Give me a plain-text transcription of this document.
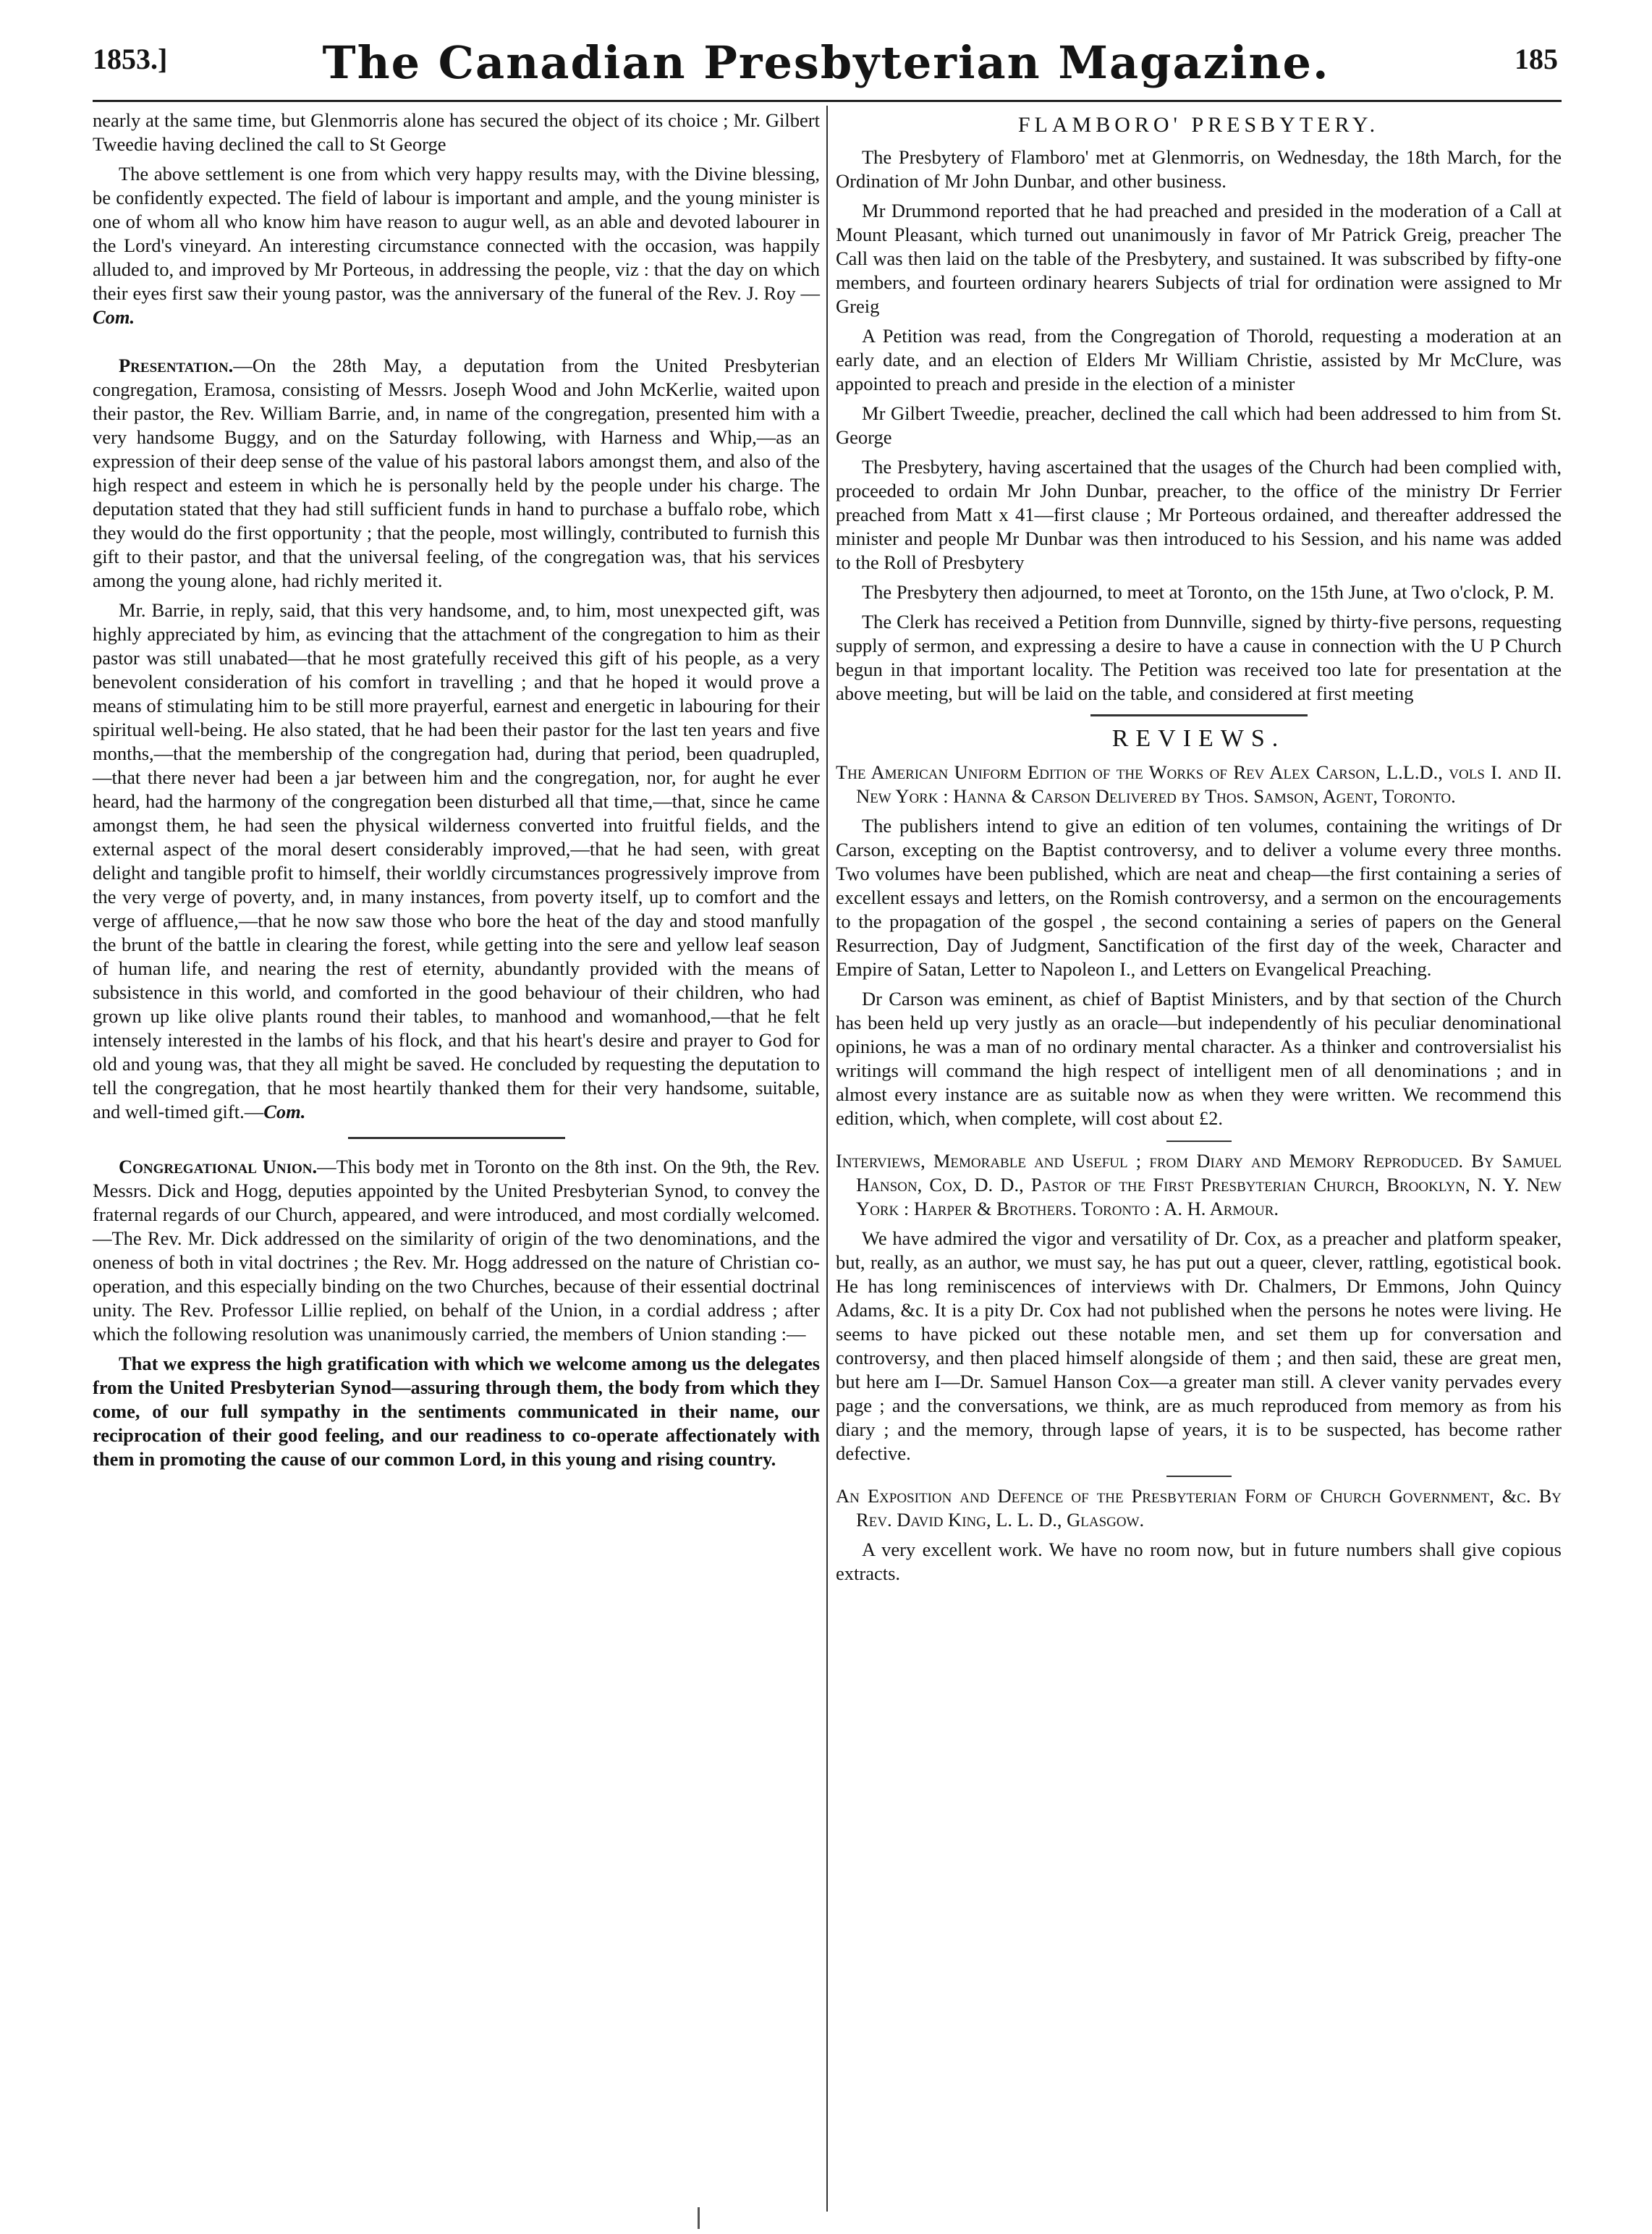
1853.]	The Canadian Presbyterian Magazine.	185

nearly at the same time, but Glenmorris alone has secured the object of its choice ; Mr. Gilbert Tweedie having declined the call to St George

The above settlement is one from which very happy results may, with the Divine blessing, be confidently expected. The field of labour is important and ample, and the young minister is one of whom all who know him have reason to augur well, as an able and devoted labourer in the Lord's vineyard. An interesting circumstance connected with the occasion, was happily alluded to, and improved by Mr Porteous, in addressing the people, viz : that the day on which their eyes first saw their young pastor, was the anniversary of the funeral of the Rev. J. Roy — Com.

Presentation.—On the 28th May, a deputation from the United Presbyterian congregation, Eramosa, consisting of Messrs. Joseph Wood and John McKerlie, waited upon their pastor, the Rev. William Barrie, and, in name of the congregation, presented him with a very handsome Buggy, and on the Saturday following, with Harness and Whip,—as an expression of their deep sense of the value of his pastoral labors amongst them, and also of the high respect and esteem in which he is personally held by the people under his charge. The deputation stated that they had still sufficient funds in hand to purchase a buffalo robe, which they would do the first opportunity ; that the people, most willingly, contributed to furnish this gift to their pastor, and that the universal feeling, of the congregation was, that his services among the young alone, had richly merited it.

Mr. Barrie, in reply, said, that this very handsome, and, to him, most unexpected gift, was highly appreciated by him, as evincing that the attachment of the congregation to him as their pastor was still unabated—that he most gratefully received this gift of his people, as a very benevolent consideration of his comfort in travelling ; and that he hoped it would prove a means of stimulating him to be still more prayerful, earnest and energetic in labouring for their spiritual well-being. He also stated, that he had been their pastor for the last ten years and five months,—that the membership of the congregation had, during that period, been quadrupled,—that there never had been a jar between him and the congregation, nor, for aught he ever heard, had the harmony of the congregation been disturbed all that time,—that, since he came amongst them, he had seen the physical wilderness converted into fruitful fields, and the external aspect of the moral desert considerably improved,—that he had seen, with great delight and tangible profit to himself, their worldly circumstances progressively improve from the very verge of poverty, and, in many instances, from poverty itself, up to comfort and the verge of affluence,—that he now saw those who bore the heat of the day and stood manfully the brunt of the battle in clearing the forest, while getting into the sere and yellow leaf season of human life, and nearing the rest of eternity, abundantly provided with the means of subsistence in this world, and comforted in the good behaviour of their children, who had grown up like olive plants round their tables, to manhood and womanhood,—that he felt intensely interested in the lambs of his flock, and that his heart's desire and prayer to God for old and young was, that they all might be saved. He concluded by requesting the deputation to tell the congregation, that he most heartily thanked them for their very handsome, suitable, and well-timed gift.—Com.

Congregational Union.—This body met in Toronto on the 8th inst. On the 9th, the Rev. Messrs. Dick and Hogg, deputies appointed by the United Presbyterian Synod, to convey the fraternal regards of our Church, appeared, and were introduced, and most cordially welcomed.—The Rev. Mr. Dick addressed on the similarity of origin of the two denominations, and the oneness of both in vital doctrines ; the Rev. Mr. Hogg addressed on the nature of Christian co-operation, and this especially binding on the two Churches, because of their essential doctrinal unity. The Rev. Professor Lillie replied, on behalf of the Union, in a cordial address ; after which the following resolution was unanimously carried, the members of Union standing :—

That we express the high gratification with which we welcome among us the delegates from the United Presbyterian Synod—assuring through them, the body from which they come, of our full sympathy in the sentiments communicated in their name, our reciprocation of their good feeling, and our readiness to co-operate affectionately with them in promoting the cause of our common Lord, in this young and rising country.

FLAMBORO' PRESBYTERY.

The Presbytery of Flamboro' met at Glenmorris, on Wednesday, the 18th March, for the Ordination of Mr John Dunbar, and other business.

Mr Drummond reported that he had preached and presided in the moderation of a Call at Mount Pleasant, which turned out unanimously in favor of Mr Patrick Greig, preacher The Call was then laid on the table of the Presbytery, and sustained. It was subscribed by fifty-one members, and fourteen ordinary hearers Subjects of trial for ordination were assigned to Mr Greig

A Petition was read, from the Congregation of Thorold, requesting a moderation at an early date, and an election of Elders Mr William Christie, assisted by Mr McClure, was appointed to preach and preside in the election of a minister

Mr Gilbert Tweedie, preacher, declined the call which had been addressed to him from St. George

The Presbytery, having ascertained that the usages of the Church had been complied with, proceeded to ordain Mr John Dunbar, preacher, to the office of the ministry Dr Ferrier preached from Matt x 41—first clause ; Mr Porteous ordained, and thereafter addressed the minister and people Mr Dunbar was then introduced to his Session, and his name was added to the Roll of Presbytery

The Presbytery then adjourned, to meet at Toronto, on the 15th June, at Two o'clock, P. M.

The Clerk has received a Petition from Dunnville, signed by thirty-five persons, requesting supply of sermon, and expressing a desire to have a cause in connection with the U P Church begun in that important locality. The Petition was received too late for presentation at the above meeting, but will be laid on the table, and considered at first meeting

REVIEWS.

The American Uniform Edition of the Works of Rev Alex Carson, L.L.D., vols I. and II. New York : Hanna & Carson Delivered by Thos. Samson, Agent, Toronto.

The publishers intend to give an edition of ten volumes, containing the writings of Dr Carson, excepting on the Baptist controversy, and to deliver a volume every three months. Two volumes have been published, which are neat and cheap—the first containing a series of excellent essays and letters, on the Romish controversy, and a sermon on the encouragements to the propagation of the gospel , the second containing a series of papers on the General Resurrection, Day of Judgment, Sanctification of the first day of the week, Character and Empire of Satan, Letter to Napoleon I., and Letters on Evangelical Preaching.

Dr Carson was eminent, as chief of Baptist Ministers, and by that section of the Church has been held up very justly as an oracle—but independently of his peculiar denominational opinions, he was a man of no ordinary mental character. As a thinker and controversialist his writings will command the high respect of intelligent men of all denominations ; and in almost every instance are as suitable now as when they were written. We recommend this edition, which, when complete, will cost about £2.

Interviews, Memorable and Useful ; from Diary and Memory Reproduced. By Samuel Hanson, Cox, D. D., Pastor of the First Presbyterian Church, Brooklyn, N. Y. New York : Harper & Brothers. Toronto : A. H. Armour.

We have admired the vigor and versatility of Dr. Cox, as a preacher and platform speaker, but, really, as an author, we must say, he has put out a queer, clever, rattling, egotistical book. He has long reminiscences of interviews with Dr. Chalmers, Dr Emmons, John Quincy Adams, &c. It is a pity Dr. Cox had not published when the persons he notes were living. He seems to have picked out these notable men, and set them up for conversation and controversy, and then placed himself alongside of them ; and then said, these are great men, but here am I—Dr. Samuel Hanson Cox—a greater man still. A clever vanity pervades every page ; and the conversations, we think, are as much reproduced from memory as from his diary ; and the memory, through lapse of years, it is to be suspected, has become rather defective.

An Exposition and Defence of the Presbyterian Form of Church Government, &c. By Rev. David King, L. L. D., Glasgow.

A very excellent work. We have no room now, but in future numbers shall give copious extracts.
